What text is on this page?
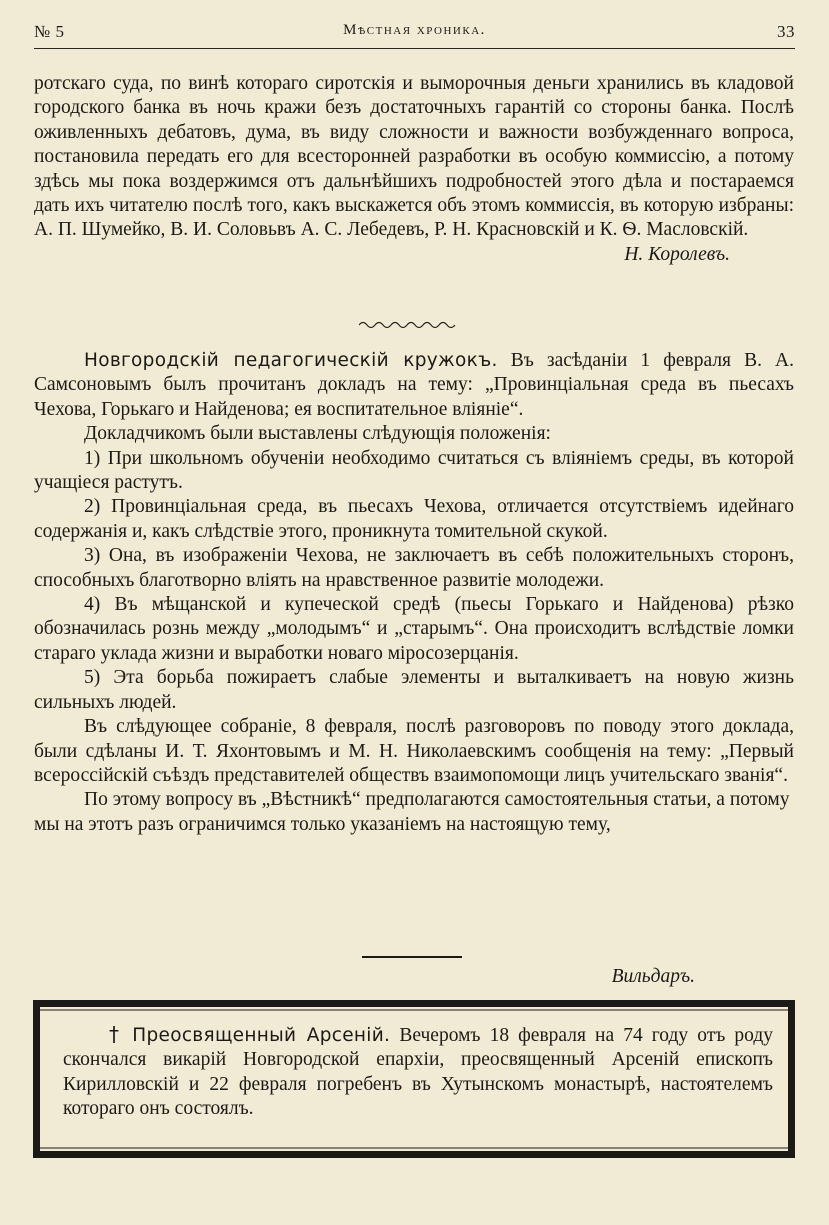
№ 5	Мѣстная хроника.	33

ротскаго суда, по винѣ котораго сиротскія и выморочныя деньги хранились въ кладовой городского банка въ ночь кражи безъ достаточныхъ гарантій со стороны банка. Послѣ оживленныхъ дебатовъ, дума, въ виду сложности и важности возбужденнаго вопроса, постановила передать его для всесторонней разработки въ особую коммиссію, а потому здѣсь мы пока воздержимся отъ дальнѣйшихъ подробностей этого дѣла и постараемся дать ихъ читателю послѣ того, какъ выскажется объ этомъ коммиссія, въ которую избраны: А. П. Шумейко, В. И. Соловьвъ А. С. Лебедевъ, Р. Н. Красновскій и К. Ѳ. Масловскій.

Н. Королевъ.

Новгородскій педагогическій кружокъ. Въ засѣданіи 1 февраля В. А. Самсоновымъ былъ прочитанъ докладъ на тему: „Провинціальная среда въ пьесахъ Чехова, Горькаго и Найденова; ея воспитательное вліяніе“.

Докладчикомъ были выставлены слѣдующія положенія:

1) При школьномъ обученіи необходимо считаться съ вліяніемъ среды, въ которой учащіеся растутъ.

2) Провинціальная среда, въ пьесахъ Чехова, отличается отсутствіемъ идейнаго содержанія и, какъ слѣдствіе этого, проникнута томительной скукой.

3) Она, въ изображеніи Чехова, не заключаетъ въ себѣ положительныхъ сторонъ, способныхъ благотворно вліять на нравственное развитіе молодежи.

4) Въ мѣщанской и купеческой средѣ (пьесы Горькаго и Найденова) рѣзко обозначилась рознь между „молодымъ“ и „старымъ“. Она происходитъ вслѣдствіе ломки стараго уклада жизни и выработки новаго міросозерцанія.

5) Эта борьба пожираетъ слабые элементы и выталкиваетъ на новую жизнь сильныхъ людей.

Въ слѣдующее собраніе, 8 февраля, послѣ разговоровъ по поводу этого доклада, были сдѣланы И. Т. Яхонтовымъ и М. Н. Николаевскимъ сообщенія на тему: „Первый всероссійскій съѣздъ представителей обществъ взаимопомощи лицъ учительскаго званія“.

По этому вопросу въ „Вѣстникѣ“ предполагаются самостоятельныя статьи, а потому мы на этотъ разъ ограничимся только указаніемъ на настоящую тему,

Вильдаръ.

† Преосвященный Арсеній. Вечеромъ 18 февраля на 74 году отъ роду скончался викарій Новгородской епархіи, преосвященный Арсеній епископъ Кирилловскій и 22 февраля погребенъ въ Хутынскомъ монастырѣ, настоятелемъ котораго онъ состоялъ.
